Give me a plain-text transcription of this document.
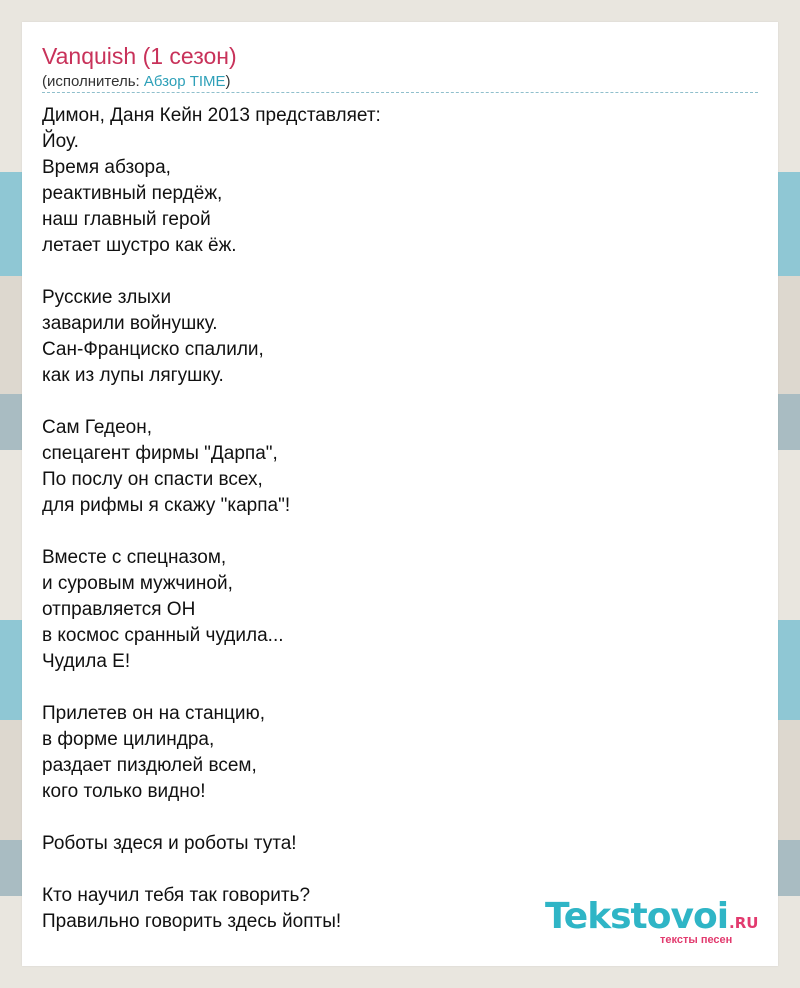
Vanquish (1 сезон)
(исполнитель: Абзор TIME)
Димон, Даня Кейн 2013 представляет:
Йоу.
Время абзора,
реактивный пердёж,
наш главный герой
летает шустро как ёж.
Русские злыхи
заварили войнушку.
Сан-Франциско спалили,
как из лупы лягушку.
Сам Гедеон,
спецагент фирмы "Дарпа",
По послу он спасти всех,
для рифмы я скажу "карпа"!
Вместе с спецназом,
и суровым мужчиной,
отправляется ОН
в космос сранный чудила...
Чудила Е!
Прилетев он на станцию,
в форме цилиндра,
раздает пиздюлей всем,
кого только видно!
Роботы здеся и роботы тута!
Кто научил тебя так говорить?
Правильно говорить здесь йопты!	Tekstovoi.RU
тексты песен
